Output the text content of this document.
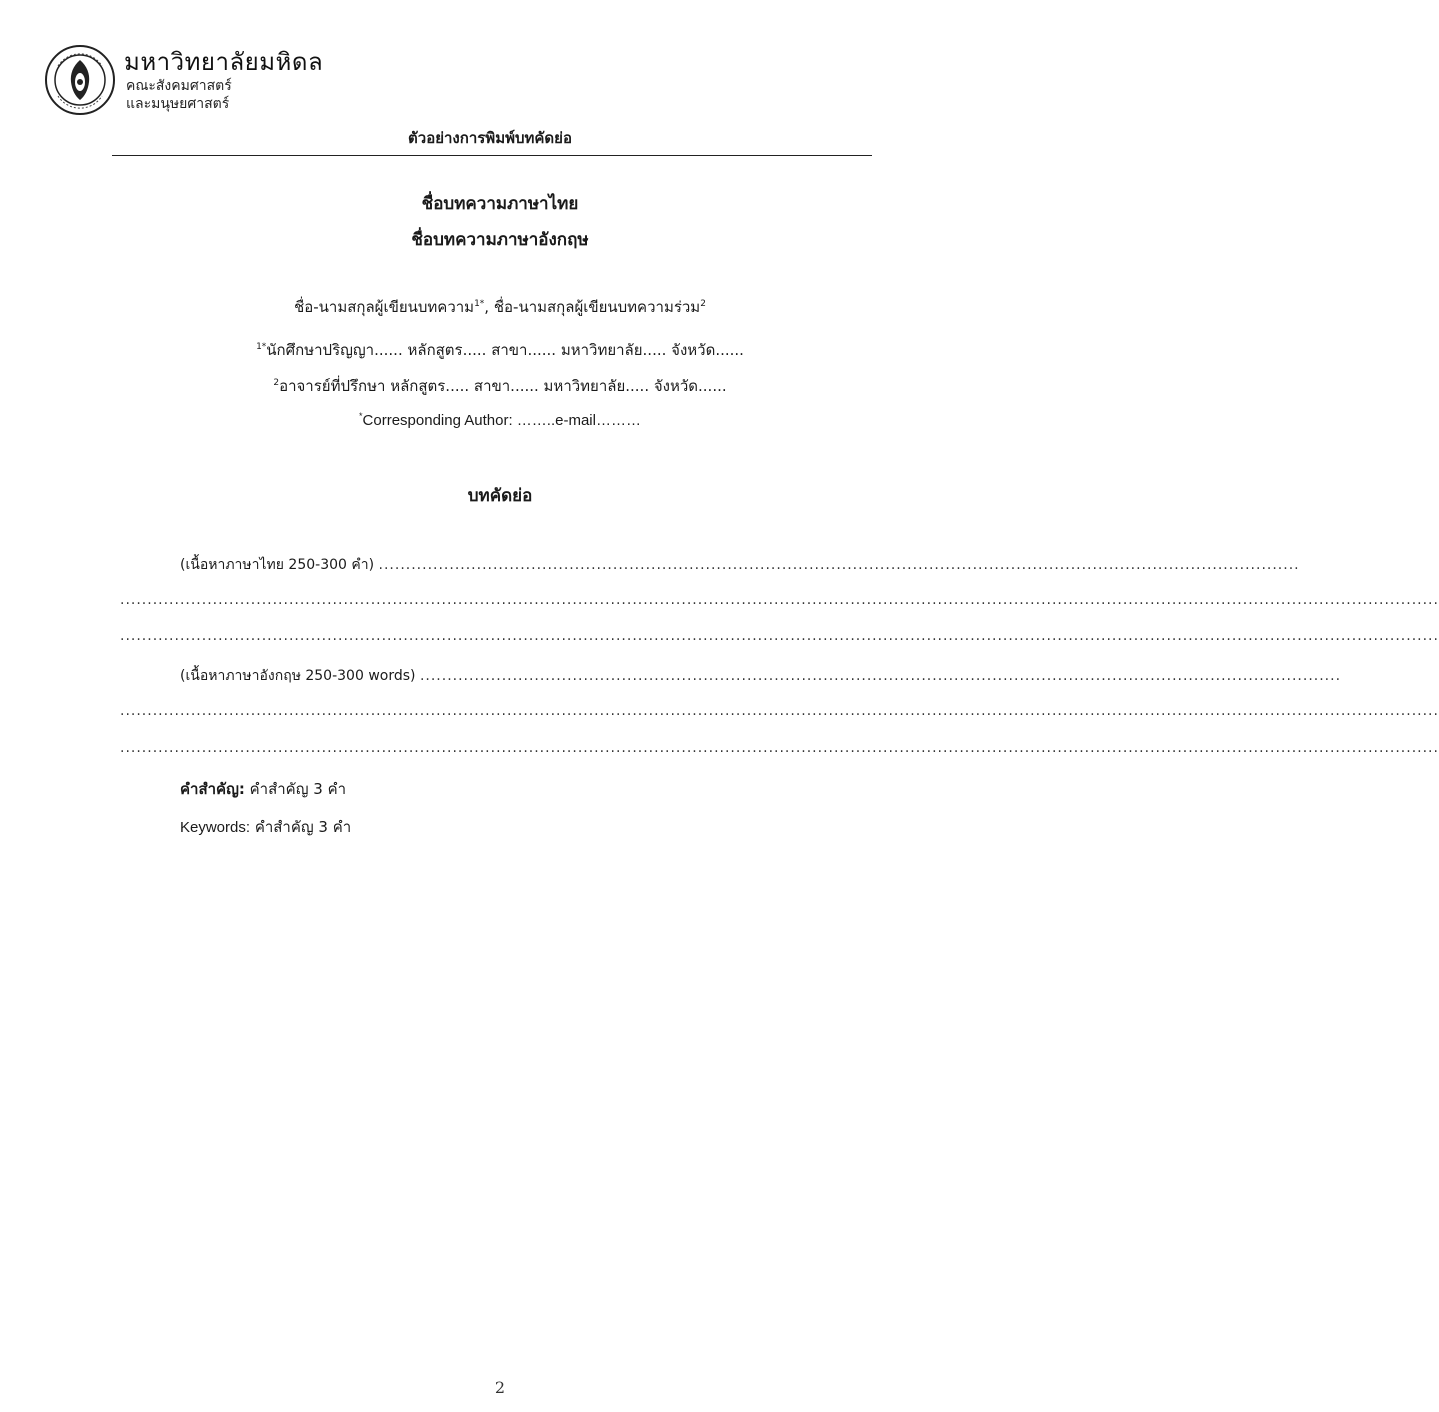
มหาวิทยาลัยมหิดล
คณะสังคมศาสตร์
และมนุษยศาสตร์
ตัวอย่างการพิมพ์บทคัดย่อ
ชื่อบทความภาษาไทย
ชื่อบทความภาษาอังกฤษ
ชื่อ-นามสกุลผู้เขียนบทความ$^{1*}$, ชื่อ-นามสกุลผู้เขียนบทความร่วม$^2$
$^{1*}$นักศึกษาปริญญา...... หลักสูตร..... สาขา...... มหาวิทยาลัย..... จังหวัด......
$^2$อาจารย์ที่ปรึกษา หลักสูตร..... สาขา...... มหาวิทยาลัย..... จังหวัด......
*Corresponding Author: ……..e-mail………
บทคัดย่อ
(เนื้อหาภาษาไทย 250-300 คำ) .........................................................................................................................................................................
..................................................................................................................................................................................................................................................
..................................................................................................................................................................................................................................................
(เนื้อหาภาษาอังกฤษ 250-300 words) .........................................................................................................................................................................
..................................................................................................................................................................................................................................................
..................................................................................................................................................................................................................................................
คำสำคัญ: คำสำคัญ 3 คำ
Keywords: คำสำคัญ 3 คำ
2
